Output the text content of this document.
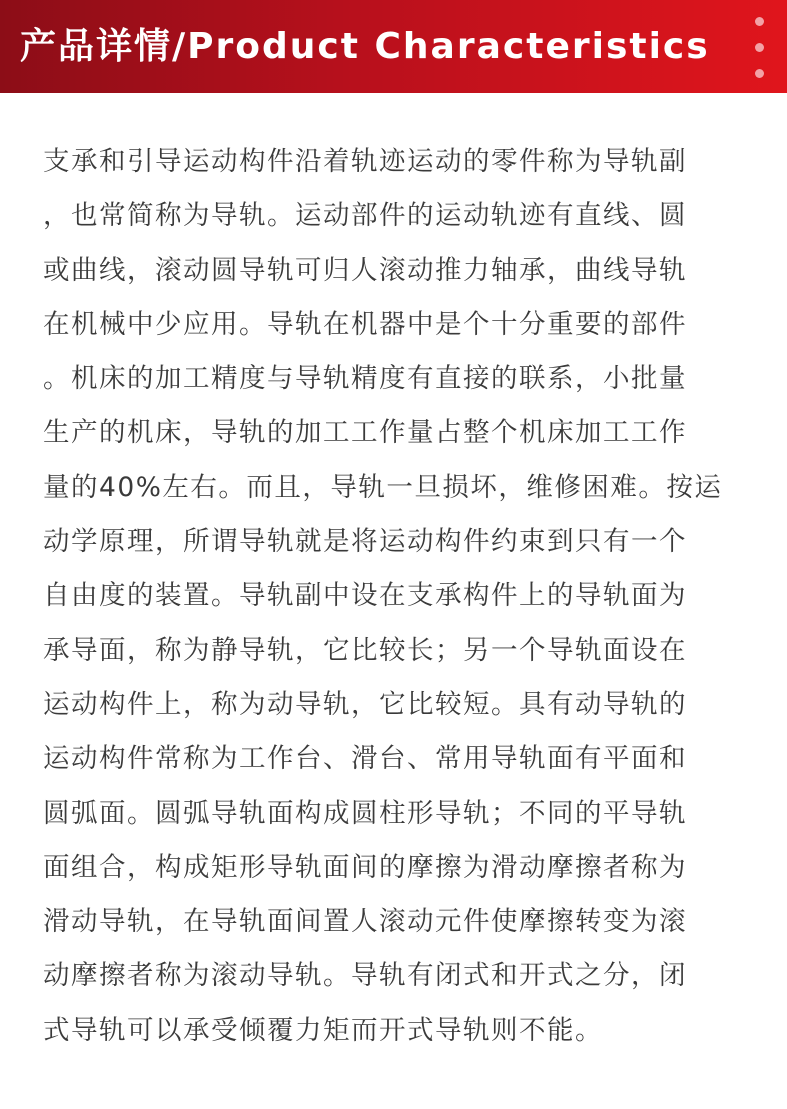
产品详情/Product Characteristics
支承和引导运动构件沿着轨迹运动的零件称为导轨副
，也常简称为导轨。运动部件的运动轨迹有直线、圆
或曲线，滚动圆导轨可归人滚动推力轴承，曲线导轨
在机械中少应用。导轨在机器中是个十分重要的部件
。机床的加工精度与导轨精度有直接的联系，小批量
生产的机床，导轨的加工工作量占整个机床加工工作
量的40%左右。而且，导轨一旦损坏，维修困难。按运
动学原理，所谓导轨就是将运动构件约束到只有一个
自由度的装置。导轨副中设在支承构件上的导轨面为
承导面，称为静导轨，它比较长；另一个导轨面设在
运动构件上，称为动导轨，它比较短。具有动导轨的
运动构件常称为工作台、滑台、常用导轨面有平面和
圆弧面。圆弧导轨面构成圆柱形导轨；不同的平导轨
面组合，构成矩形导轨面间的摩擦为滑动摩擦者称为
滑动导轨，在导轨面间置人滚动元件使摩擦转变为滚
动摩擦者称为滚动导轨。导轨有闭式和开式之分，闭
式导轨可以承受倾覆力矩而开式导轨则不能。
